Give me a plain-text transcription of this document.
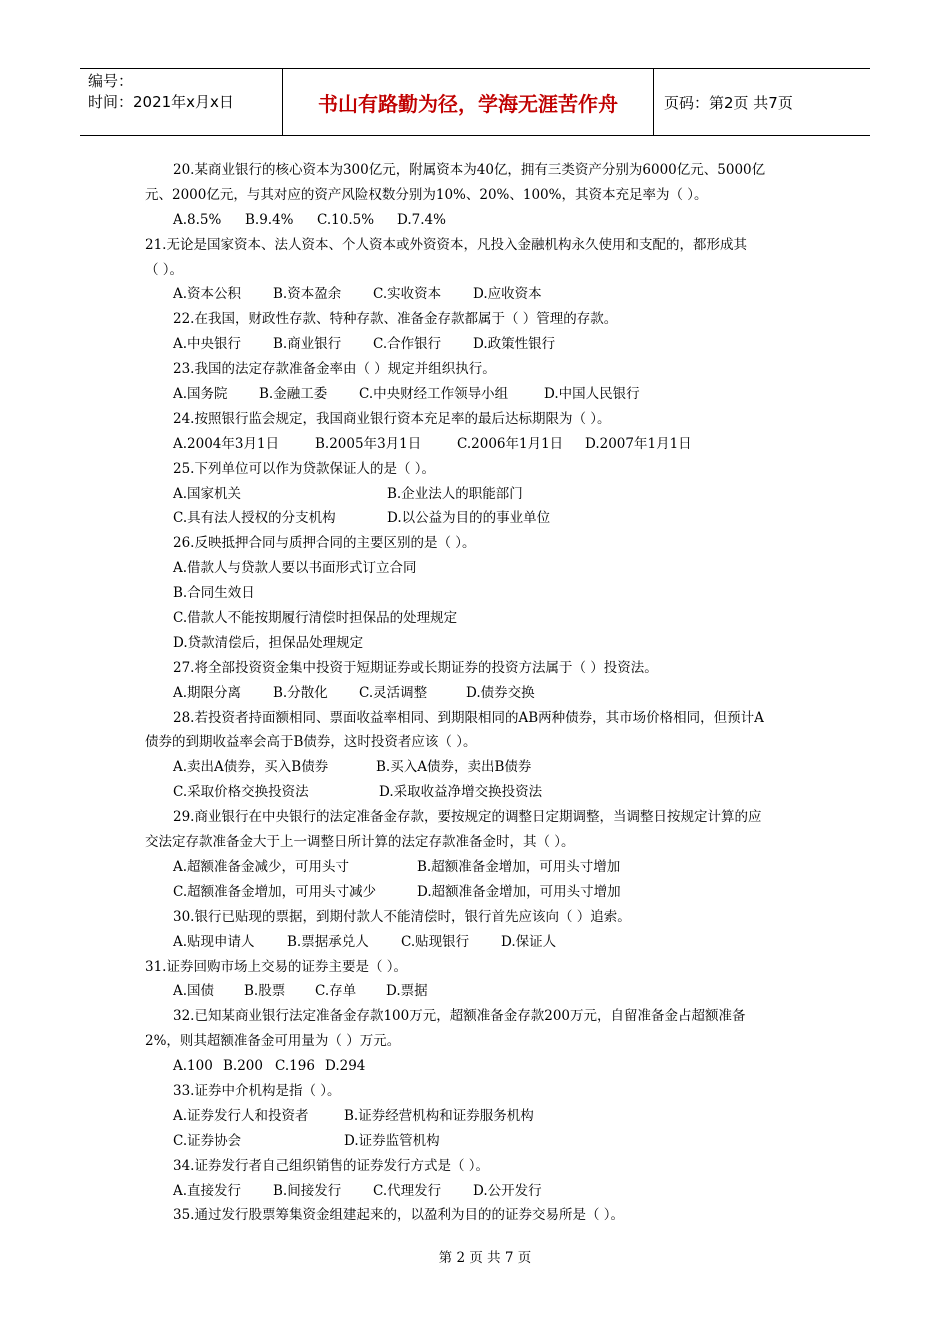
编号：
时间：2021年x月x日	书山有路勤为径，学海无涯苦作舟	页码：第2页 共7页
20.某商业银行的核心资本为300亿元，附属资本为40亿，拥有三类资产分别为6000亿元、5000亿
元、2000亿元，与其对应的资产风险权数分别为10%、20%、100%，其资本充足率为（ ）。
A.8.5% B.9.4% C.10.5% D.7.4%
21.无论是国家资本、法人资本、个人资本或外资资本，凡投入金融机构永久使用和支配的，都形成其
（ ）。
A.资本公积 B.资本盈余 C.实收资本 D.应收资本
22.在我国，财政性存款、特种存款、准备金存款都属于（ ）管理的存款。
A.中央银行 B.商业银行 C.合作银行 D.政策性银行
23.我国的法定存款准备金率由（ ）规定并组织执行。
A.国务院 B.金融工委 C.中央财经工作领导小组	D.中国人民银行
24.按照银行监会规定，我国商业银行资本充足率的最后达标期限为（ ）。
A.2004年3月1日	B.2005年3月1日	C.2006年1月1日 D.2007年1月1日
25.下列单位可以作为贷款保证人的是（ ）。
A.国家机关	B.企业法人的职能部门
C.具有法人授权的分支机构	D.以公益为目的的事业单位
26.反映抵押合同与质押合同的主要区别的是（ ）。
A.借款人与贷款人要以书面形式订立合同
B.合同生效日
C.借款人不能按期履行清偿时担保品的处理规定
D.贷款清偿后，担保品处理规定
27.将全部投资资金集中投资于短期证券或长期证券的投资方法属于（ ）投资法。
A.期限分离 B.分散化 C.灵活调整	D.债券交换
28.若投资者持面额相同、票面收益率相同、到期限相同的AB两种债券，其市场价格相同，但预计A
债券的到期收益率会高于B债券，这时投资者应该（ ）。
A.卖出A债券，买入B债券	B.买入A债券，卖出B债券
C.采取价格交换投资法	D.采取收益净增交换投资法
29.商业银行在中央银行的法定准备金存款，要按规定的调整日定期调整，当调整日按规定计算的应
交法定存款准备金大于上一调整日所计算的法定存款准备金时，其（ ）。
A.超额准备金减少，可用头寸	B.超额准备金增加，可用头寸增加
C.超额准备金增加，可用头寸减少	D.超额准备金增加，可用头寸增加
30.银行已贴现的票据，到期付款人不能清偿时，银行首先应该向（ ）追索。
A.贴现申请人 B.票据承兑人 C.贴现银行 D.保证人
31.证券回购市场上交易的证券主要是（ ）。
A.国债 B.股票 C.存单 D.票据
32.已知某商业银行法定准备金存款100万元，超额准备金存款200万元，自留准备金占超额准备
2%，则其超额准备金可用量为（ ）万元。
A.100 B.200 C.196 D.294
33.证券中介机构是指（ ）。
A.证券发行人和投资者	B.证券经营机构和证券服务机构
C.证券协会	D.证券监管机构
34.证券发行者自己组织销售的证券发行方式是（ ）。
A.直接发行 B.间接发行 C.代理发行 D.公开发行
35.通过发行股票筹集资金组建起来的，以盈利为目的的证券交易所是（ ）。
第 2 页 共 7 页
